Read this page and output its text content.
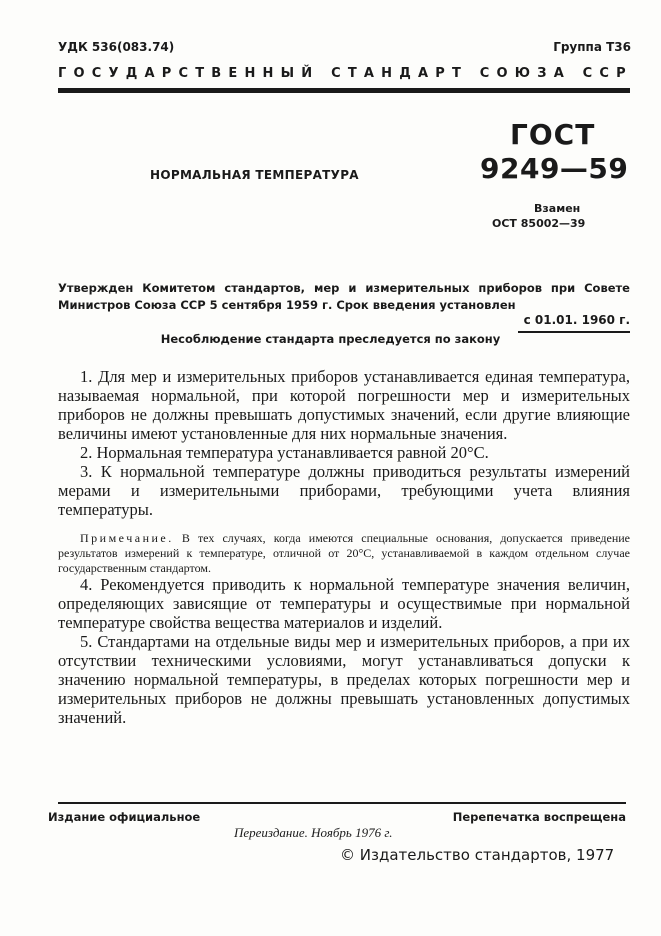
УДК 536(083.74)	Группа Т36
ГОСУДАРСТВЕННЫЙ СТАНДАРТ СОЮЗА ССР
НОРМАЛЬНАЯ ТЕМПЕРАТУРА
ГОСТ
9249—59
Взамен
ОСТ 85002—39
Утвержден Комитетом стандартов, мер и измерительных приборов при Совете Министров Союза ССР 5 сентября 1959 г. Срок введения установлен
с 01.01. 1960 г.
Несоблюдение стандарта преследуется по закону

1. Для мер и измерительных приборов устанавливается единая температура, называемая нормальной, при которой погрешности мер и измерительных приборов не должны превышать допустимых значений, если другие влияющие величины имеют установленные для них нормальные значения.

2. Нормальная температура устанавливается равной 20°С.

3. К нормальной температуре должны приводиться результаты измерений мерами и измерительными приборами, требующими учета влияния температуры.

Примечание. В тех случаях, когда имеются специальные основания, допускается приведение результатов измерений к температуре, отличной от 20°С, устанавливаемой в каждом отдельном случае государственным стандартом.

4. Рекомендуется приводить к нормальной температуре значения величин, определяющих зависящие от температуры и осуществимые при нормальной температуре свойства вещества материалов и изделий.

5. Стандартами на отдельные виды мер и измерительных приборов, а при их отсутствии техническими условиями, могут устанавливаться допуски к значению нормальной температуры, в пределах которых погрешности мер и измерительных приборов не должны превышать установленных допустимых значений.

Издание официальное	Перепечатка воспрещена
Переиздание. Ноябрь 1976 г.
© Издательство стандартов, 1977
